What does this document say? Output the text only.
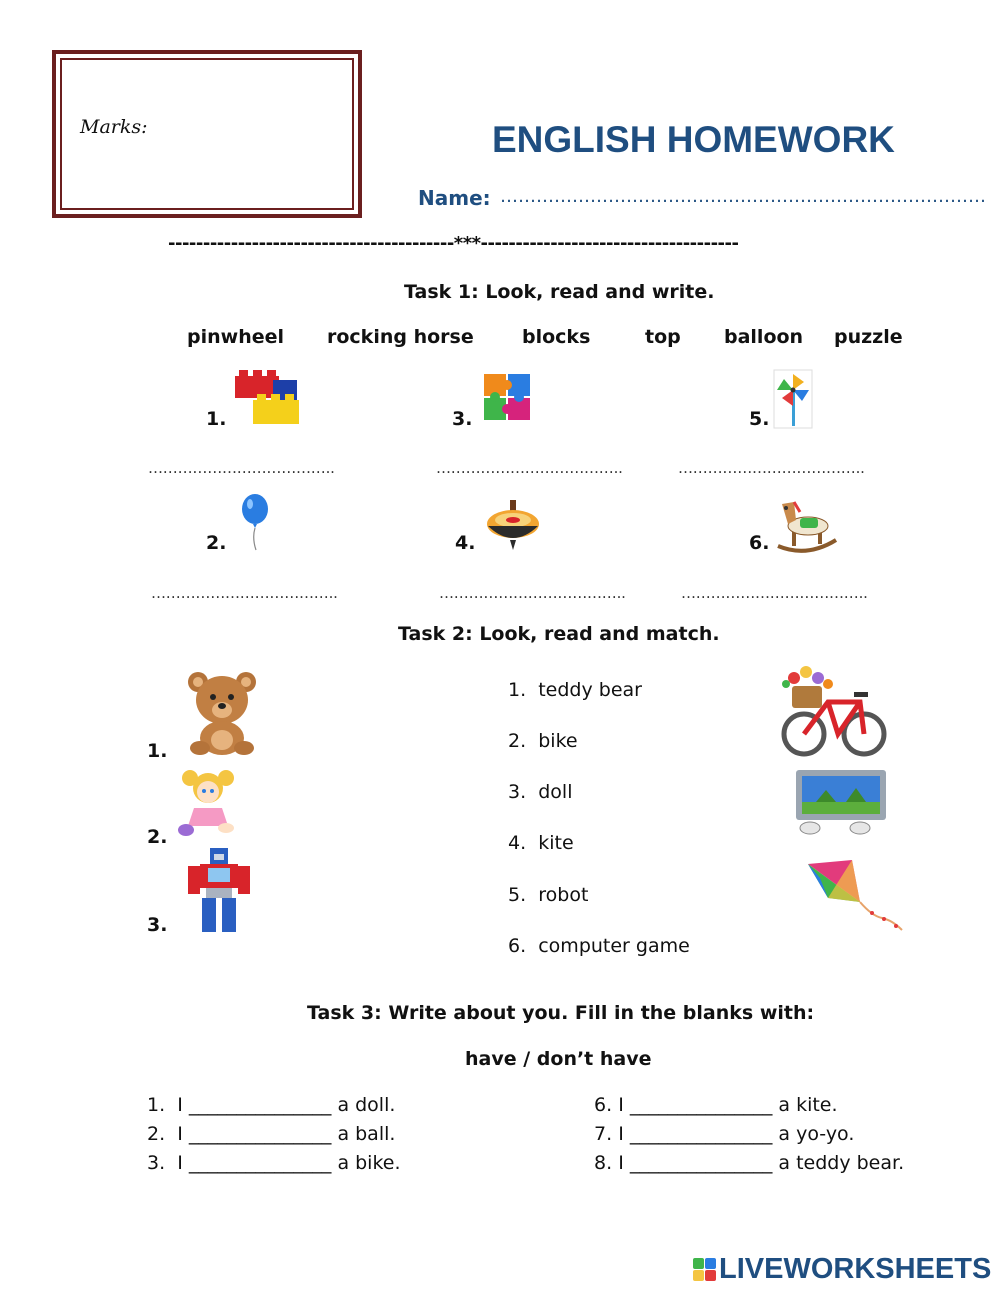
Marks:	ENGLISH HOMEWORK
Name: ………………………………………………………………………
-----------------------------------------***-------------------------------------
Task 1: Look, read and write.
pinwheel rocking horse	blocks	top balloon puzzle
1.	3.	5.
………………………………..	………………………………..	………………………………..
2.	4.	6.
………………………………..	………………………………..	………………………………..
Task 2: Look, read and match.
1.
2.
3.
1. teddy bear
2. bike
3. doll
4. kite
5. robot
6. computer game
Task 3: Write about you. Fill in the blanks with:
have / don’t have
1. I _______________ a doll.
2. I _______________ a ball.
3. I _______________ a bike.
6. I _______________ a kite.
7. I _______________ a yo-yo.
8. I _______________ a teddy bear.
LIVEWORKSHEETS
